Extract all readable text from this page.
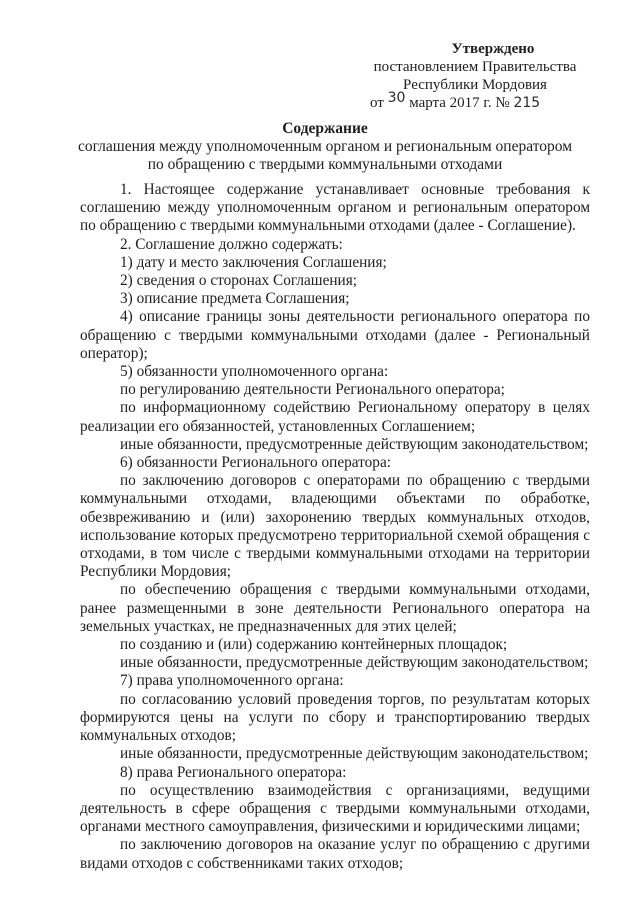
Утверждено
постановлением Правительства
Республики Мордовия
от 30 марта 2017 г. № 215
Содержание
соглашения между уполномоченным органом и региональным оператором
по обращению с твердыми коммунальными отходами

1. Настоящее содержание устанавливает основные требования к соглашению между уполномоченным органом и региональным оператором по обращению с твердыми коммунальными отходами (далее - Соглашение).

2. Соглашение должно содержать:

1) дату и место заключения Соглашения;

2) сведения о сторонах Соглашения;

3) описание предмета Соглашения;

4) описание границы зоны деятельности регионального оператора по обращению с твердыми коммунальными отходами (далее - Региональный оператор);

5) обязанности уполномоченного органа:

по регулированию деятельности Регионального оператора;

по информационному содействию Региональному оператору в целях реализации его обязанностей, установленных Соглашением;

иные обязанности, предусмотренные действующим законодательством;

6) обязанности Регионального оператора:

по заключению договоров с операторами по обращению с твердыми коммунальными отходами, владеющими объектами по обработке, обезвреживанию и (или) захоронению твердых коммунальных отходов, использование которых предусмотрено территориальной схемой обращения с отходами, в том числе с твердыми коммунальными отходами на территории Республики Мордовия;

по обеспечению обращения с твердыми коммунальными отходами, ранее размещенными в зоне деятельности Регионального оператора на земельных участках, не предназначенных для этих целей;

по созданию и (или) содержанию контейнерных площадок;

иные обязанности, предусмотренные действующим законодательством;

7) права уполномоченного органа:

по согласованию условий проведения торгов, по результатам которых формируются цены на услуги по сбору и транспортированию твердых коммунальных отходов;

иные обязанности, предусмотренные действующим законодательством;

8) права Регионального оператора:

по осуществлению взаимодействия с организациями, ведущими деятельность в сфере обращения с твердыми коммунальными отходами, органами местного самоуправления, физическими и юридическими лицами;

по заключению договоров на оказание услуг по обращению с другими видами отходов с собственниками таких отходов;
